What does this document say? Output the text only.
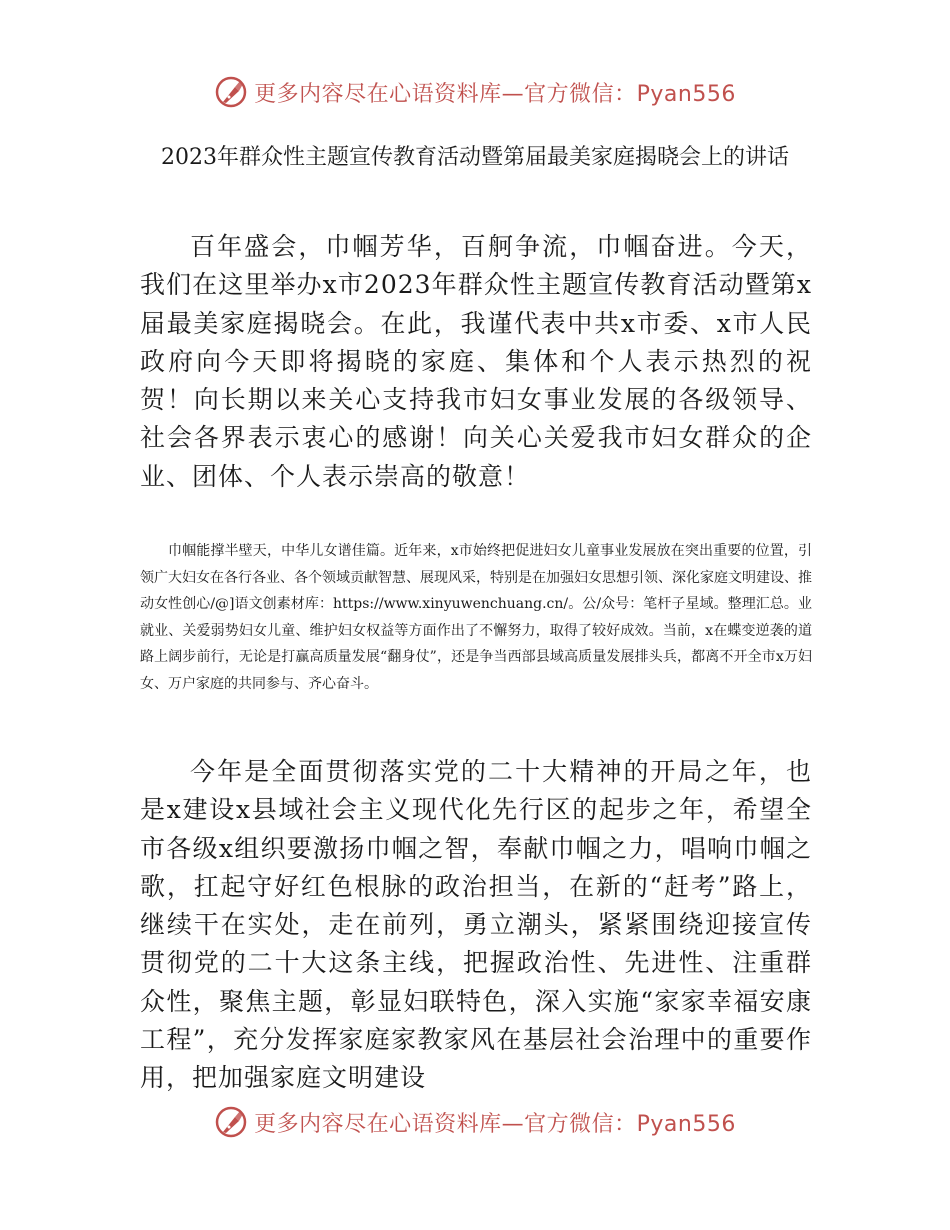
更多内容尽在心语资料库—官方微信：Pyan556
2023年群众性主题宣传教育活动暨第届最美家庭揭晓会上的讲话

百年盛会，巾帼芳华，百舸争流，巾帼奋进。今天，我们在这里举办x市2023年群众性主题宣传教育活动暨第x届最美家庭揭晓会。在此，我谨代表中共x市委、x市人民政府向今天即将揭晓的家庭、集体和个人表示热烈的祝贺！向长期以来关心支持我市妇女事业发展的各级领导、社会各界表示衷心的感谢！向关心关爱我市妇女群众的企业、团体、个人表示崇高的敬意！

巾帼能撑半壁天，中华儿女谱佳篇。近年来，x市始终把促进妇女儿童事业发展放在突出重要的位置，引领广大妇女在各行各业、各个领域贡献智慧、展现风采，特别是在加强妇女思想引领、深化家庭文明建设、推动女性创心/@]语文创素材库：https://www.xinyuwenchuang.cn/。公/众号：笔杆子星域。整理汇总。业就业、关爱弱势妇女儿童、维护妇女权益等方面作出了不懈努力，取得了较好成效。当前，x在蝶变逆袭的道路上阔步前行，无论是打赢高质量发展“翻身仗”，还是争当西部县域高质量发展排头兵，都离不开全市x万妇女、万户家庭的共同参与、齐心奋斗。

今年是全面贯彻落实党的二十大精神的开局之年，也是x建设x县域社会主义现代化先行区的起步之年，希望全市各级x组织要激扬巾帼之智，奉献巾帼之力，唱响巾帼之歌，扛起守好红色根脉的政治担当，在新的“赶考”路上，继续干在实处，走在前列，勇立潮头，紧紧围绕迎接宣传贯彻党的二十大这条主线，把握政治性、先进性、注重群众性，聚焦主题，彰显妇联特色，深入实施“家家幸福安康工程”，充分发挥家庭家教家风在基层社会治理中的重要作用，把加强家庭文明建设

更多内容尽在心语资料库—官方微信：Pyan556
